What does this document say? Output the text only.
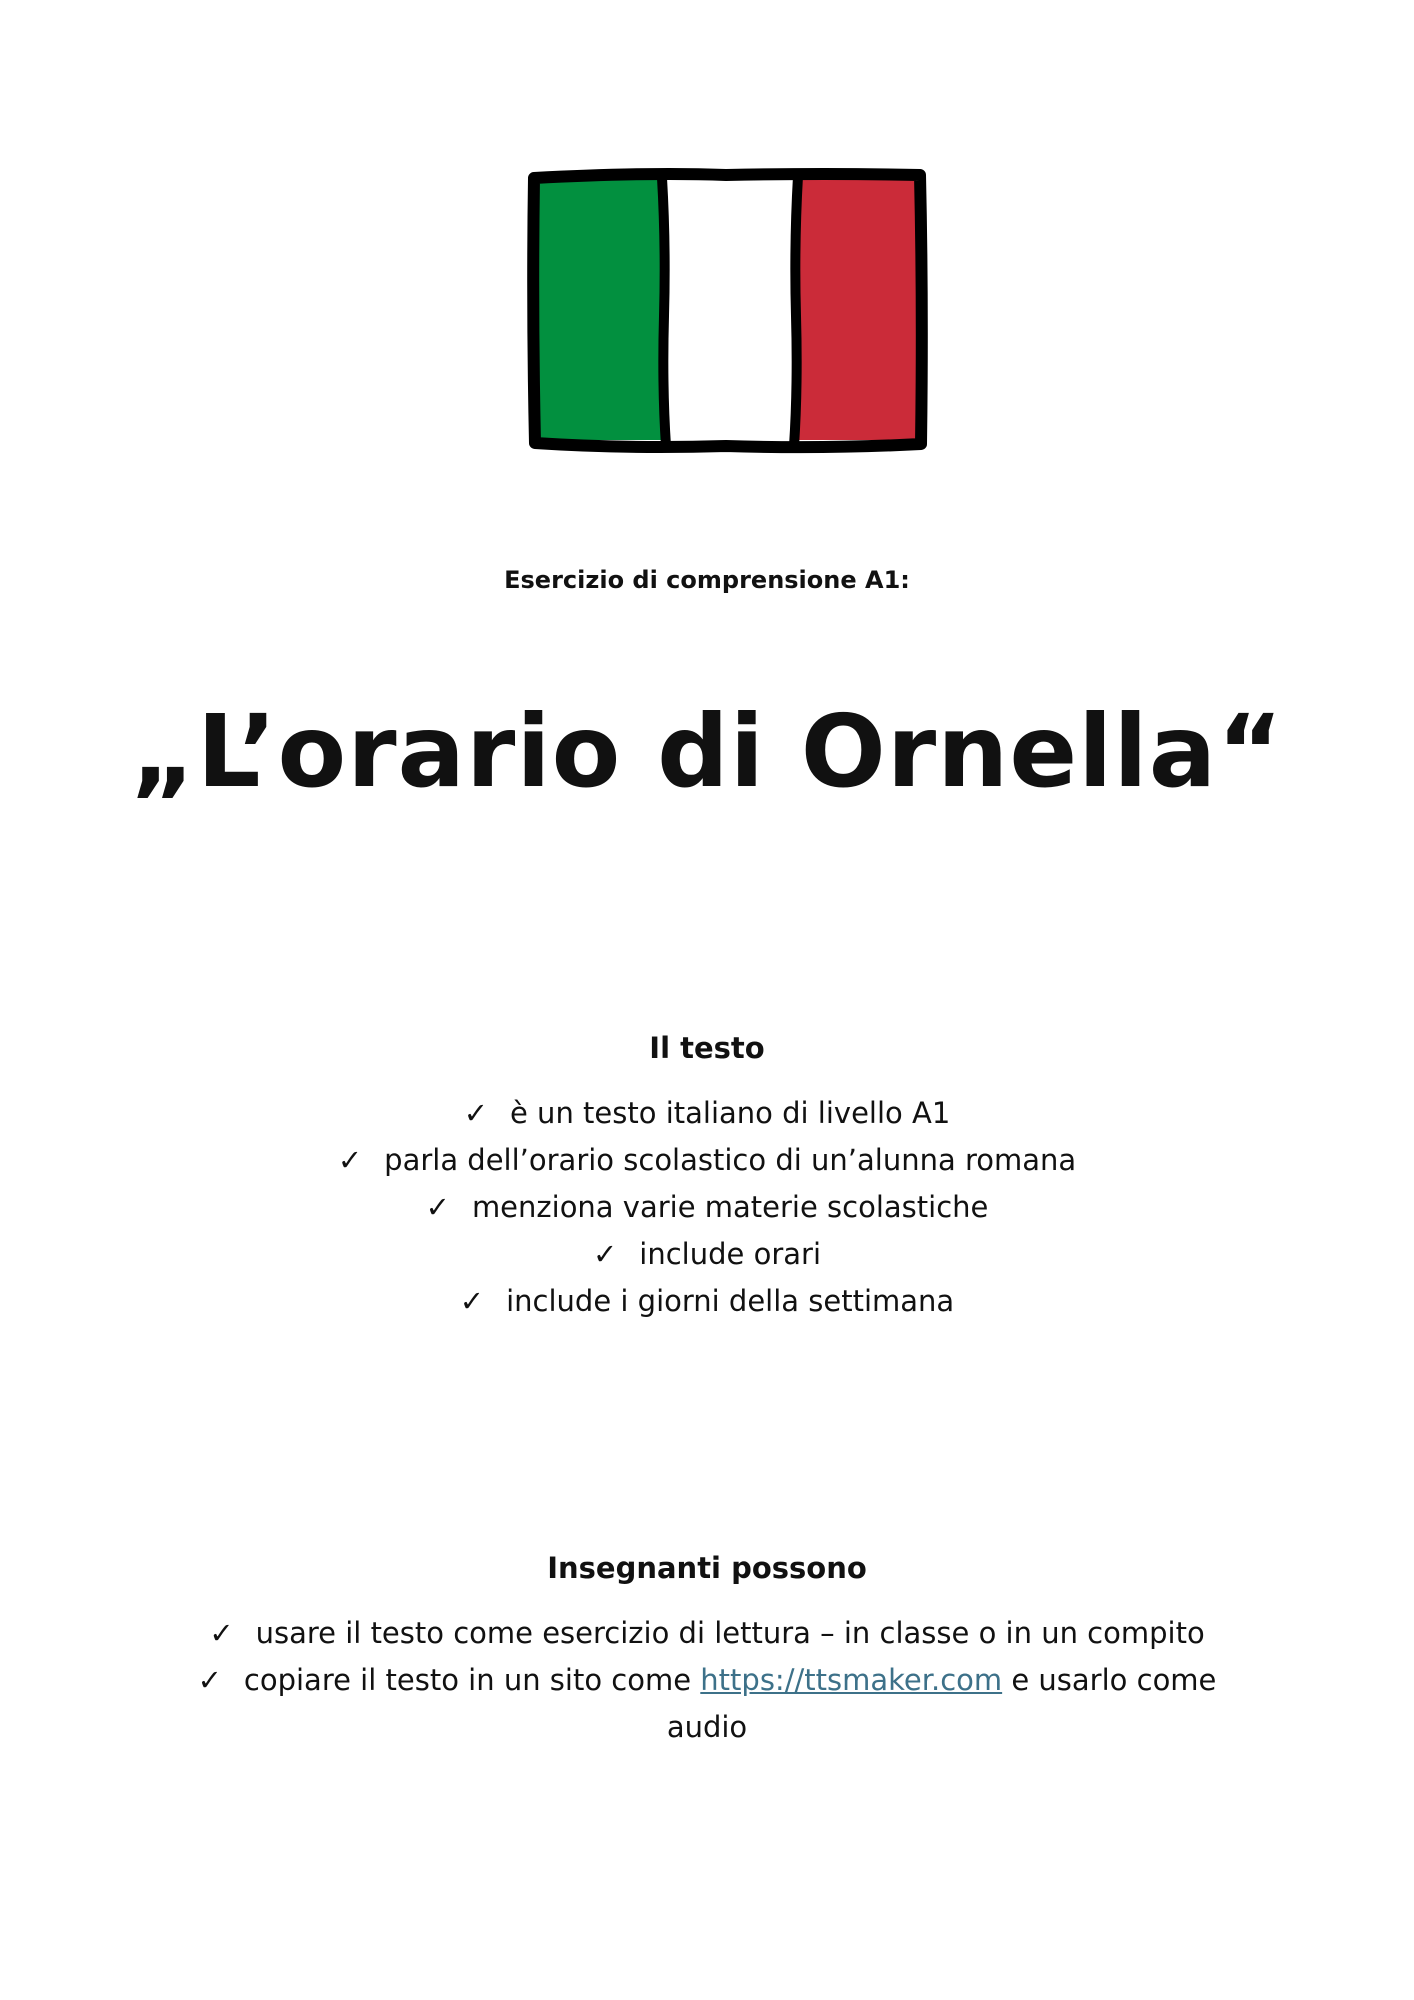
Esercizio di comprensione A1:
„L’orario di Ornella“
Il testo
✓ è un testo italiano di livello A1
✓ parla dell’orario scolastico di un’alunna romana
✓ menziona varie materie scolastiche
✓ include orari
✓ include i giorni della settimana
Insegnanti possono
✓ usare il testo come esercizio di lettura – in classe o in un compito
✓ copiare il testo in un sito come https://ttsmaker.com e usarlo come audio
